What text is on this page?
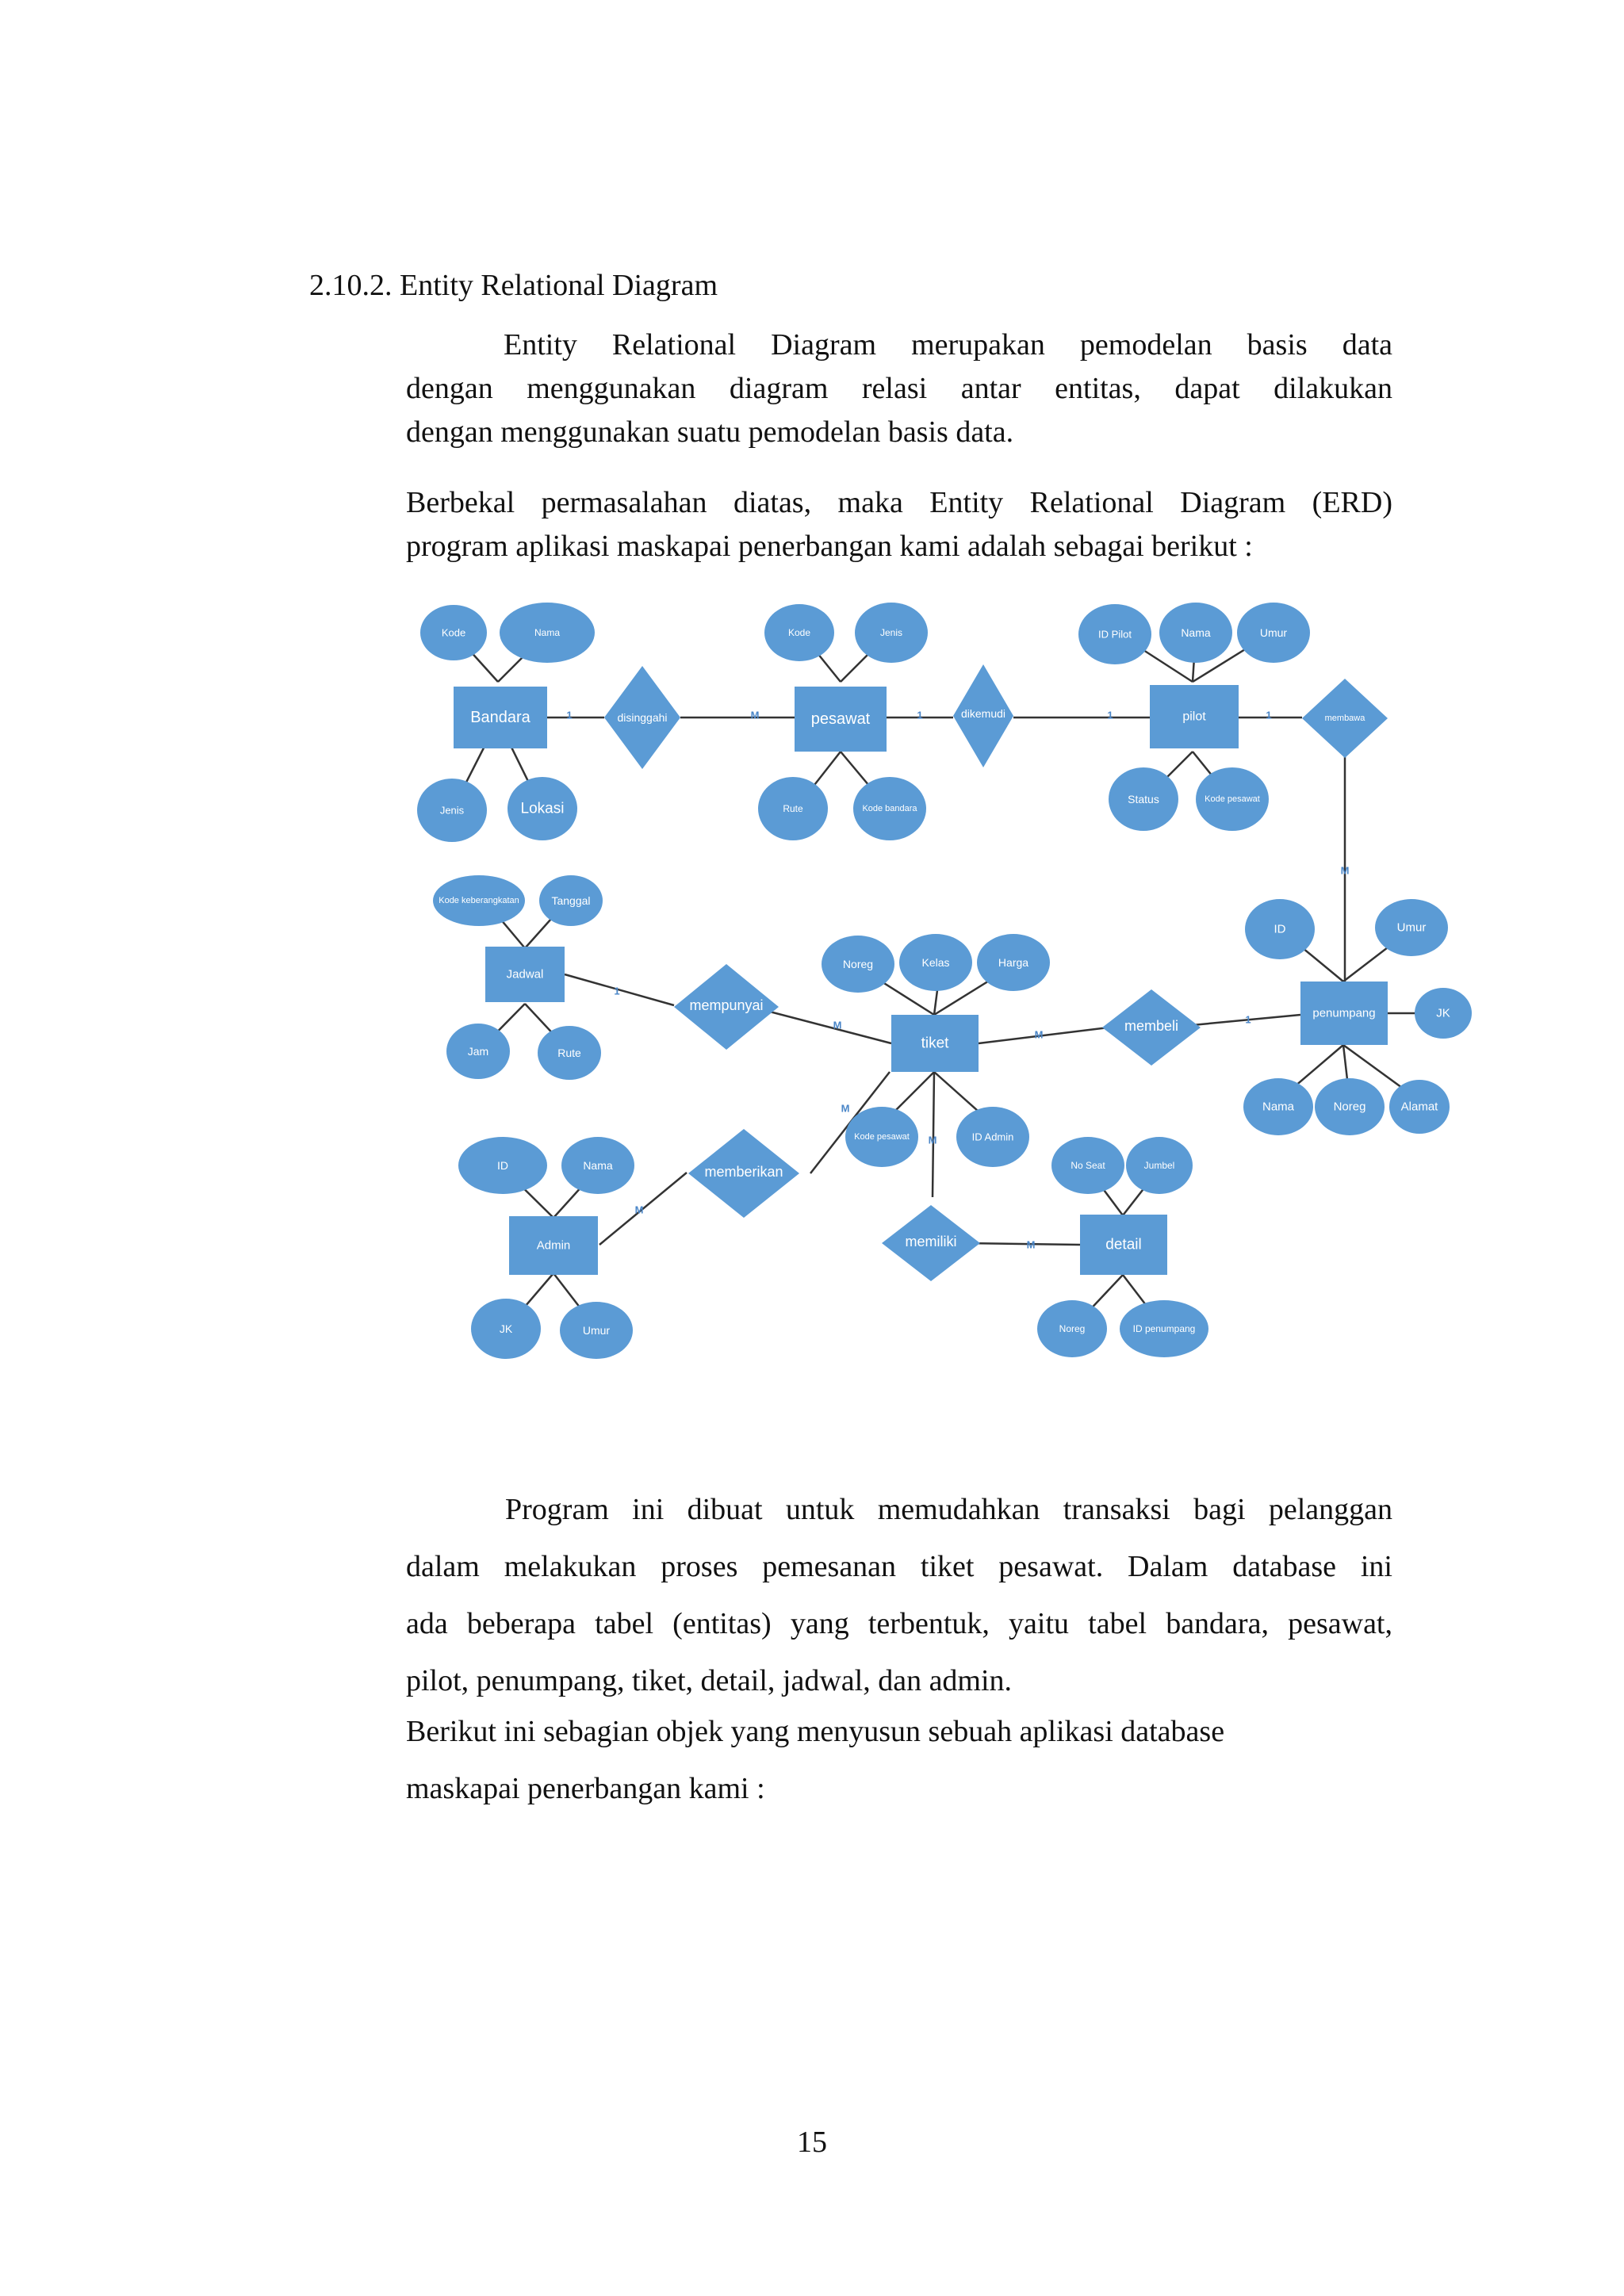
2.10.2. Entity Relational Diagram
Entity Relational Diagram merupakan pemodelan basis data
dengan menggunakan diagram relasi antar entitas, dapat dilakukan
dengan menggunakan suatu pemodelan basis data.
Berbekal permasalahan diatas, maka Entity Relational Diagram (ERD)
program aplikasi maskapai penerbangan kami adalah sebagai berikut :
Bandara	pesawat	pilot
Jadwal
tiket
penumpang
Admin	detail
disinggahi	dikemudi	membawa
mempunyai
membeli
memberikan
memiliki
Kode	Nama
Jenis	Lokasi
Kode	Jenis
Rute	Kode bandara
ID Pilot	Nama	Umur
Status	Kode pesawat
Kode keberangkatan	Tanggal
Jam	Rute
Noreg	Kelas	Harga
Kode pesawat	ID Admin
ID	Umur
JK
Nama	Noreg	Alamat
ID	Nama
JK	Umur
No Seat	Jumbel
Noreg	ID penumpang
1	M	1	1	1
M
1
M
M
1
M
M
M
M
Program ini dibuat untuk memudahkan transaksi bagi pelanggan
dalam melakukan proses pemesanan tiket pesawat. Dalam database ini
ada beberapa tabel (entitas) yang terbentuk, yaitu tabel bandara, pesawat,
pilot, penumpang, tiket, detail, jadwal, dan admin.
Berikut ini sebagian objek yang menyusun sebuah aplikasi database
maskapai penerbangan kami :
15
